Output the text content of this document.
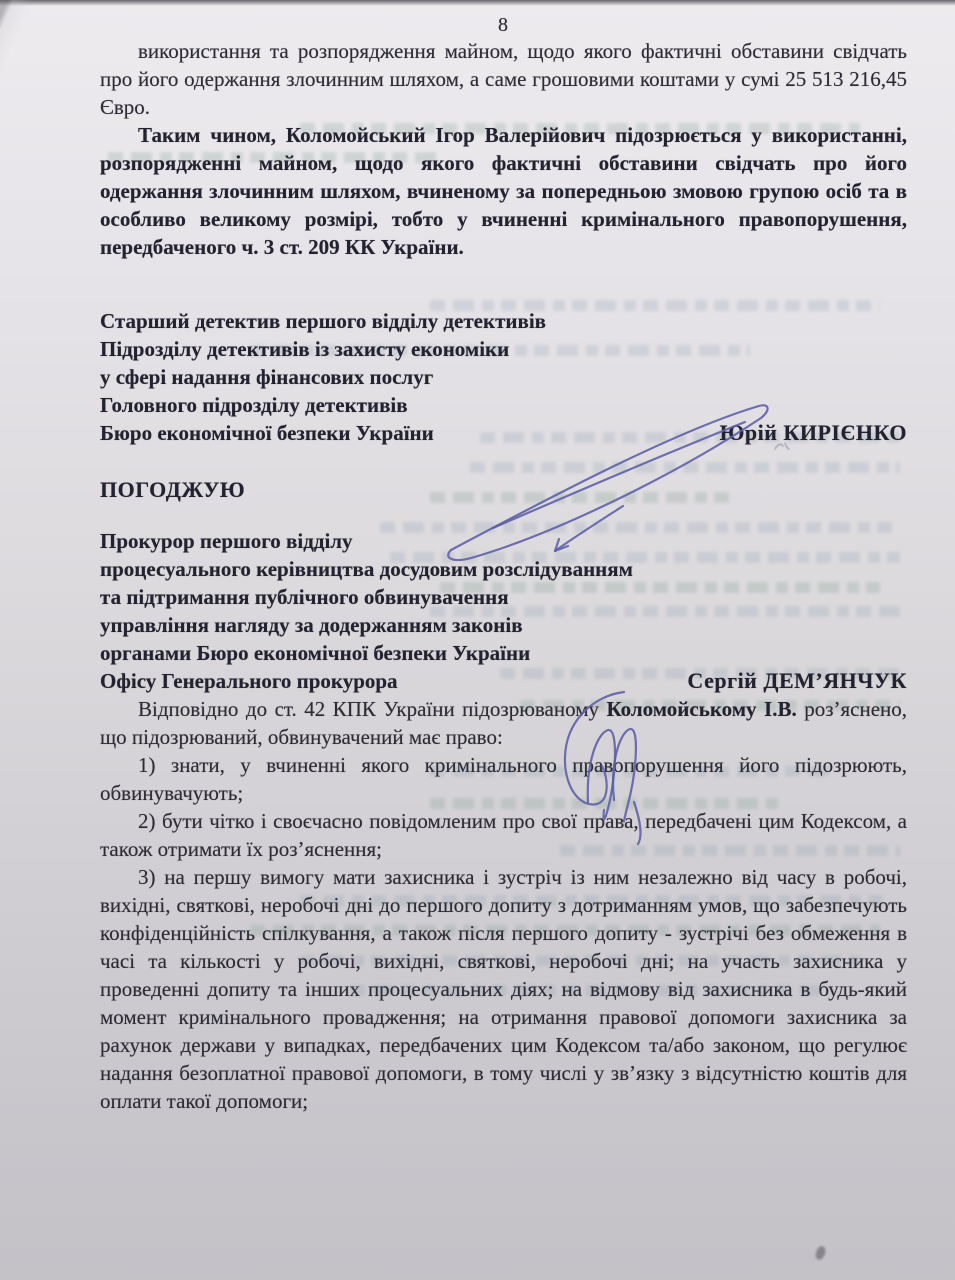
8

використання та розпорядження майном, щодо якого фактичні обставини свідчать про його одержання злочинним шляхом, а саме грошовими коштами у сумі 25 513 216,45 Євро.

Таким чином, Коломойський Ігор Валерійович підозрюється у використанні, розпорядженні майном, щодо якого фактичні обставини свідчать про його одержання злочинним шляхом, вчиненому за попередньою змовою групою осіб та в особливо великому розмірі, тобто у вчиненні кримінального правопорушення, передбаченого ч. 3 ст. 209 КК України.

Старший детектив першого відділу детективів
Підрозділу детективів із захисту економіки
у сфері надання фінансових послуг
Головного підрозділу детективів
Бюро економічної безпеки України	Юрій КИРІЄНКО
ПОГОДЖУЮ
Прокурор першого відділу
процесуального керівництва досудовим розслідуванням
та підтримання публічного обвинувачення
управління нагляду за додержанням законів
органами Бюро економічної безпеки України
Офісу Генерального прокурора	Сергій ДЕМ’ЯНЧУК

Відповідно до ст. 42 КПК України підозрюваному Коломойському І.В. роз’яснено, що підозрюваний, обвинувачений має право:

1) знати, у вчиненні якого кримінального правопорушення його підозрюють, обвинувачують;

2) бути чітко і своєчасно повідомленим про свої права, передбачені цим Кодексом, а також отримати їх роз’яснення;

3) на першу вимогу мати захисника і зустріч із ним незалежно від часу в робочі, вихідні, святкові, неробочі дні до першого допиту з дотриманням умов, що забезпечують конфіденційність спілкування, а також після першого допиту - зустрічі без обмеження в часі та кількості у робочі, вихідні, святкові, неробочі дні; на участь захисника у проведенні допиту та інших процесуальних діях; на відмову від захисника в будь-який момент кримінального провадження; на отримання правової допомоги захисника за рахунок держави у випадках, передбачених цим Кодексом та/або законом, що регулює надання безоплатної правової допомоги, в тому числі у зв’язку з відсутністю коштів для оплати такої допомоги;
